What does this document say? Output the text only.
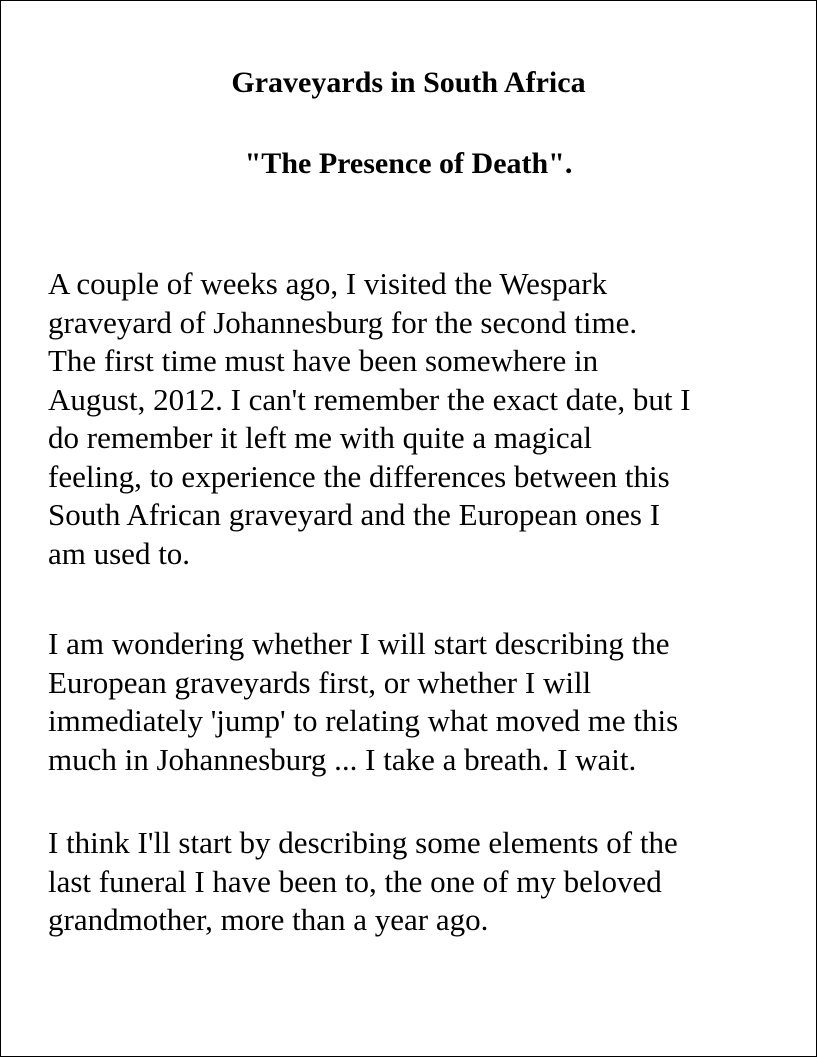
Graveyards in South Africa
"The Presence of Death".

A couple of weeks ago, I visited the Wespark
graveyard of Johannesburg for the second time.
The first time must have been somewhere in
August, 2012. I can't remember the exact date, but I
do remember it left me with quite a magical
feeling, to experience the differences between this
South African graveyard and the European ones I
am used to.

I am wondering whether I will start describing the
European graveyards first, or whether I will
immediately 'jump' to relating what moved me this
much in Johannesburg ... I take a breath. I wait.

I think I'll start by describing some elements of the
last funeral I have been to, the one of my beloved
grandmother, more than a year ago.
